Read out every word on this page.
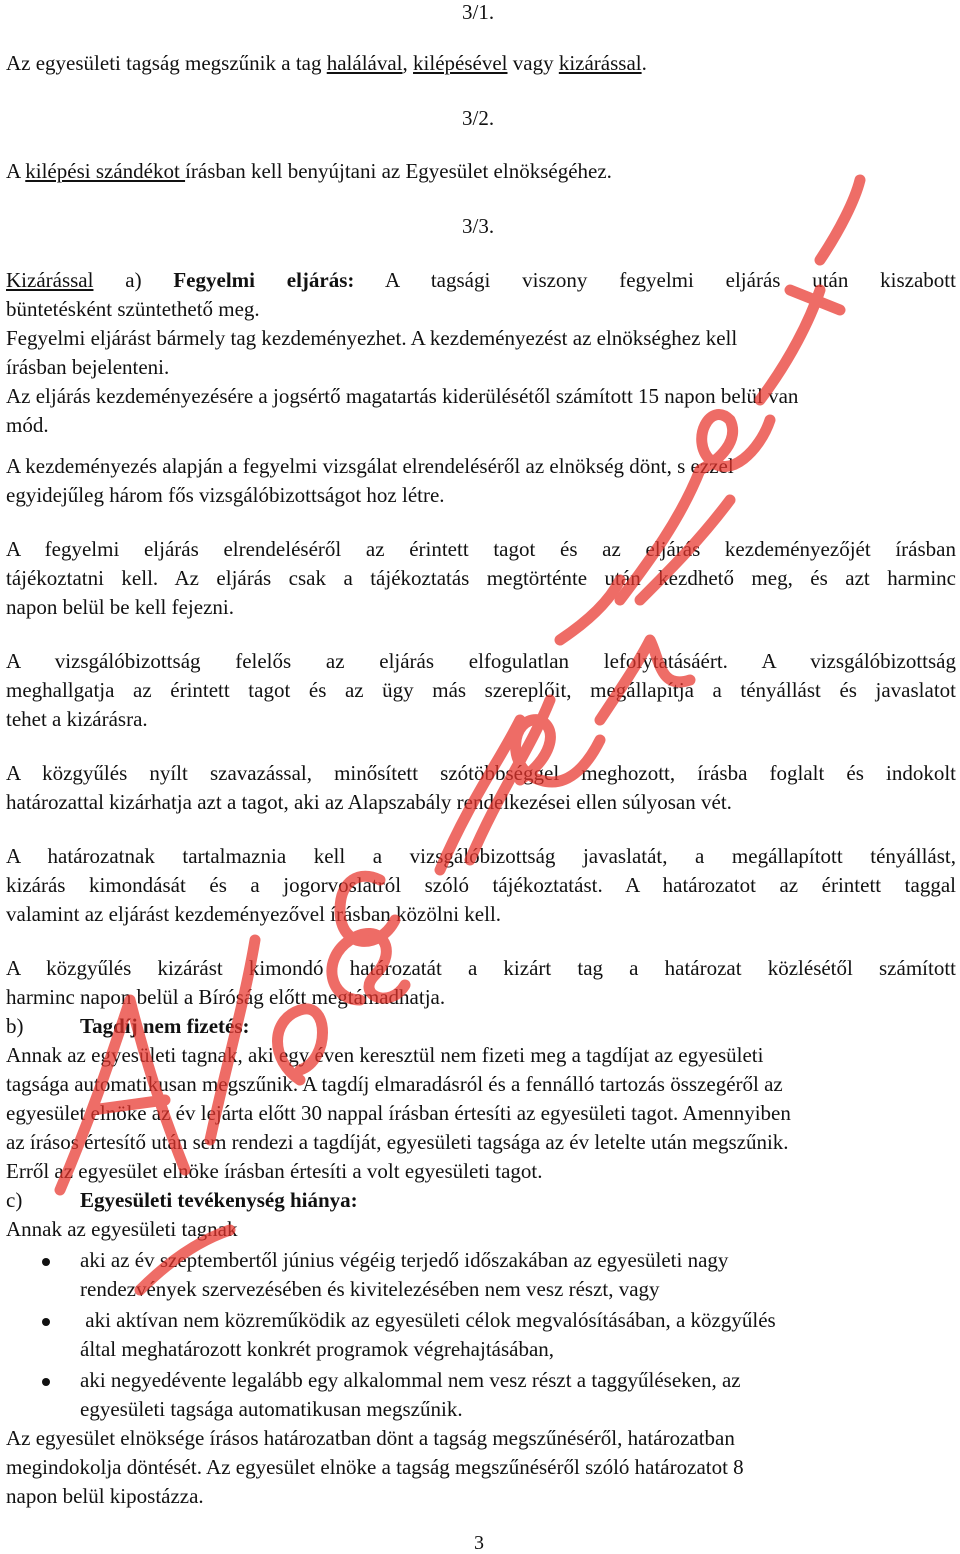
3/1.
Az egyesületi tagság megszűnik a tag halálával, kilépésével vagy kizárással.
3/2.
A kilépési szándékot írásban kell benyújtani az Egyesület elnökségéhez.
3/3.
Kizárással a) Fegyelmi eljárás: A tagsági viszony fegyelmi eljárás után kiszabott
büntetésként szüntethető meg.
Fegyelmi eljárást bármely tag kezdeményezhet. A kezdeményezést az elnökséghez kell
írásban bejelenteni.
Az eljárás kezdeményezésére a jogsértő magatartás kiderülésétől számított 15 napon belül van
mód.
A kezdeményezés alapján a fegyelmi vizsgálat elrendeléséről az elnökség dönt, s ezzel
egyidejűleg három fős vizsgálóbizottságot hoz létre.
A fegyelmi eljárás elrendeléséről az érintett tagot és az eljárás kezdeményezőjét írásban
tájékoztatni kell. Az eljárás csak a tájékoztatás megtörténte után kezdhető meg, és azt harminc
napon belül be kell fejezni.
A vizsgálóbizottság felelős az eljárás elfogulatlan lefolytatásáért. A vizsgálóbizottság
meghallgatja az érintett tagot és az ügy más szereplőit, megállapítja a tényállást és javaslatot
tehet a kizárásra.
A közgyűlés nyílt szavazással, minősített szótöbbséggel meghozott, írásba foglalt és indokolt
határozattal kizárhatja azt a tagot, aki az Alapszabály rendelkezései ellen súlyosan vét.
A határozatnak tartalmaznia kell a vizsgálóbizottság javaslatát, a megállapított tényállást,
kizárás kimondását és a jogorvoslatról szóló tájékoztatást. A határozatot az érintett taggal
valamint az eljárást kezdeményezővel írásban közölni kell.
A közgyűlés kizárást kimondó határozatát a kizárt tag a határozat közlésétől számított
harminc napon belül a Bíróság előtt megtámadhatja.
b)	Tagdíj nem fizetés:
Annak az egyesületi tagnak, aki egy éven keresztül nem fizeti meg a tagdíjat az egyesületi
tagsága automatikusan megszűnik. A tagdíj elmaradásról és a fennálló tartozás összegéről az
egyesület elnöke az év lejárta előtt 30 nappal írásban értesíti az egyesületi tagot. Amennyiben
az írásos értesítő után sem rendezi a tagdíját, egyesületi tagsága az év letelte után megszűnik.
Erről az egyesület elnöke írásban értesíti a volt egyesületi tagot.
c)	Egyesületi tevékenység hiánya:
Annak az egyesületi tagnak
aki az év szeptembertől június végéig terjedő időszakában az egyesületi nagy
rendezvények szervezésében és kivitelezésében nem vesz részt, vagy
aki aktívan nem közreműködik az egyesületi célok megvalósításában, a közgyűlés
által meghatározott konkrét programok végrehajtásában,
aki negyedévente legalább egy alkalommal nem vesz részt a taggyűléseken, az
egyesületi tagsága automatikusan megszűnik.
Az egyesület elnöksége írásos határozatban dönt a tagság megszűnéséről, határozatban
megindokolja döntését. Az egyesület elnöke a tagság megszűnéséről szóló határozatot 8
napon belül kipostázza.
3
